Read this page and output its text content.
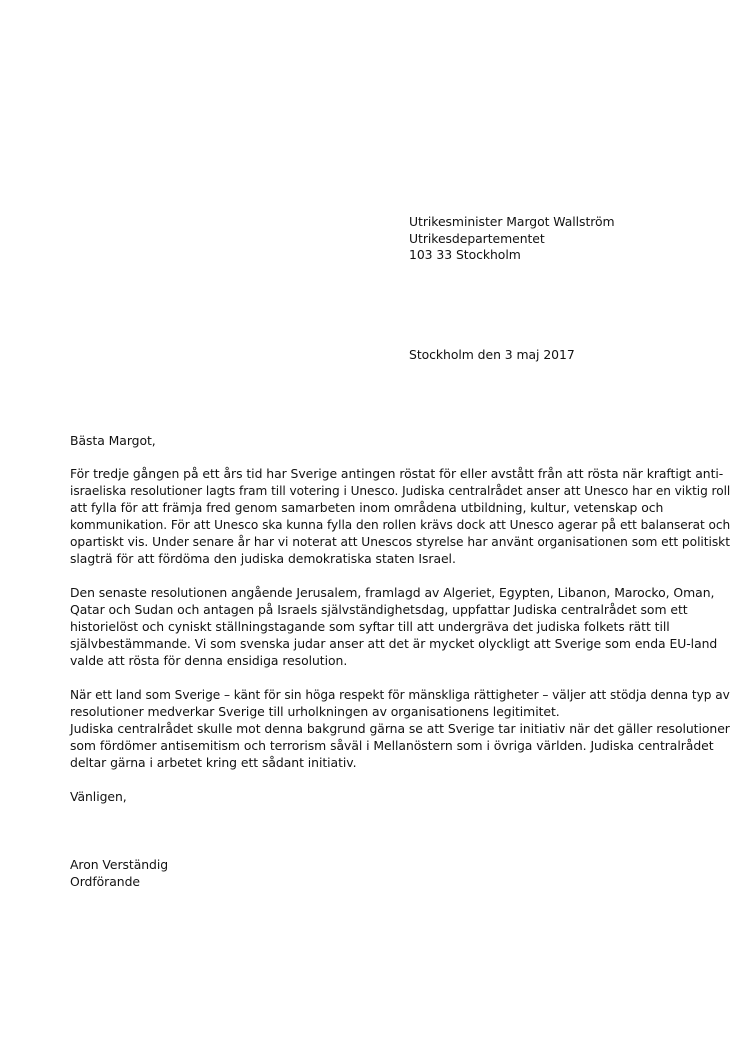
Utrikesminister Margot Wallström
Utrikesdepartementet
103 33 Stockholm
Stockholm den 3 maj 2017
Bästa Margot,
För tredje gången på ett års tid har Sverige antingen röstat för eller avstått från att rösta när kraftigt anti-
israeliska resolutioner lagts fram till votering i Unesco. Judiska centralrådet anser att Unesco har en viktig roll
att fylla för att främja fred genom samarbeten inom områdena utbildning, kultur, vetenskap och
kommunikation. För att Unesco ska kunna fylla den rollen krävs dock att Unesco agerar på ett balanserat och
opartiskt vis. Under senare år har vi noterat att Unescos styrelse har använt organisationen som ett politiskt
slagträ för att fördöma den judiska demokratiska staten Israel.
Den senaste resolutionen angående Jerusalem, framlagd av Algeriet, Egypten, Libanon, Marocko, Oman,
Qatar och Sudan och antagen på Israels självständighetsdag, uppfattar Judiska centralrådet som ett
historielöst och cyniskt ställningstagande som syftar till att undergräva det judiska folkets rätt till
självbestämmande. Vi som svenska judar anser att det är mycket olyckligt att Sverige som enda EU-land
valde att rösta för denna ensidiga resolution.
När ett land som Sverige – känt för sin höga respekt för mänskliga rättigheter – väljer att stödja denna typ av
resolutioner medverkar Sverige till urholkningen av organisationens legitimitet.
Judiska centralrådet skulle mot denna bakgrund gärna se att Sverige tar initiativ när det gäller resolutioner
som fördömer antisemitism och terrorism såväl i Mellanöstern som i övriga världen. Judiska centralrådet
deltar gärna i arbetet kring ett sådant initiativ.
Vänligen,
Aron Verständig
Ordförande
